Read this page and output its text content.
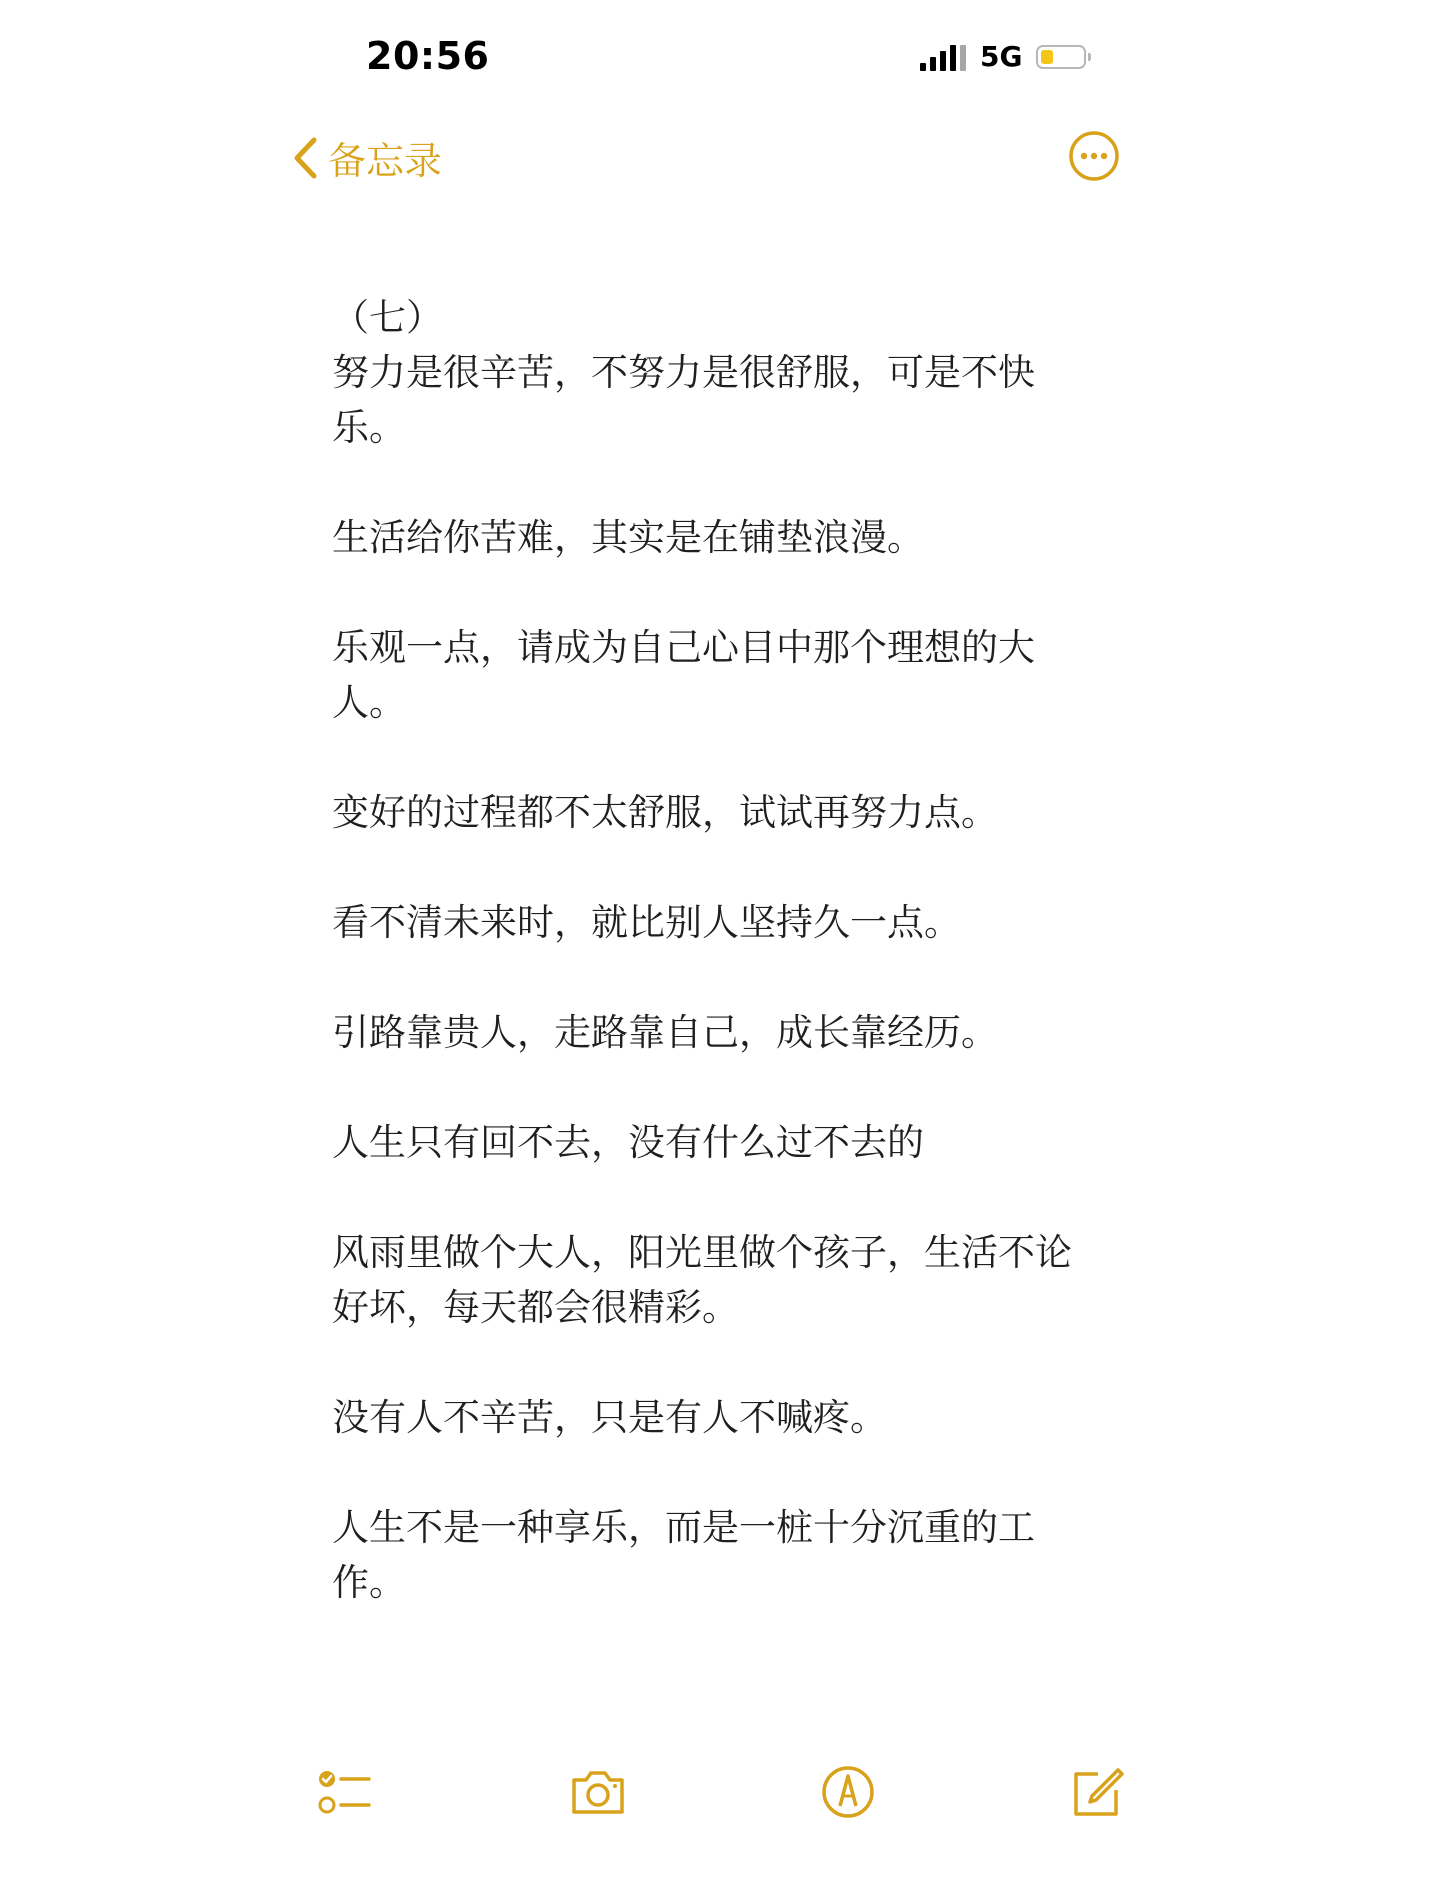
20:56	5G
备忘录

（七）

努力是很辛苦，不努力是很舒服，可是不快乐。

生活给你苦难，其实是在铺垫浪漫。

乐观一点，请成为自己心目中那个理想的大人。

变好的过程都不太舒服，试试再努力点。

看不清未来时，就比别人坚持久一点。

引路靠贵人，走路靠自己，成长靠经历。

人生只有回不去，没有什么过不去的

风雨里做个大人，阳光里做个孩子，生活不论好坏，每天都会很精彩。

没有人不辛苦，只是有人不喊疼。

人生不是一种享乐，而是一桩十分沉重的工作。
